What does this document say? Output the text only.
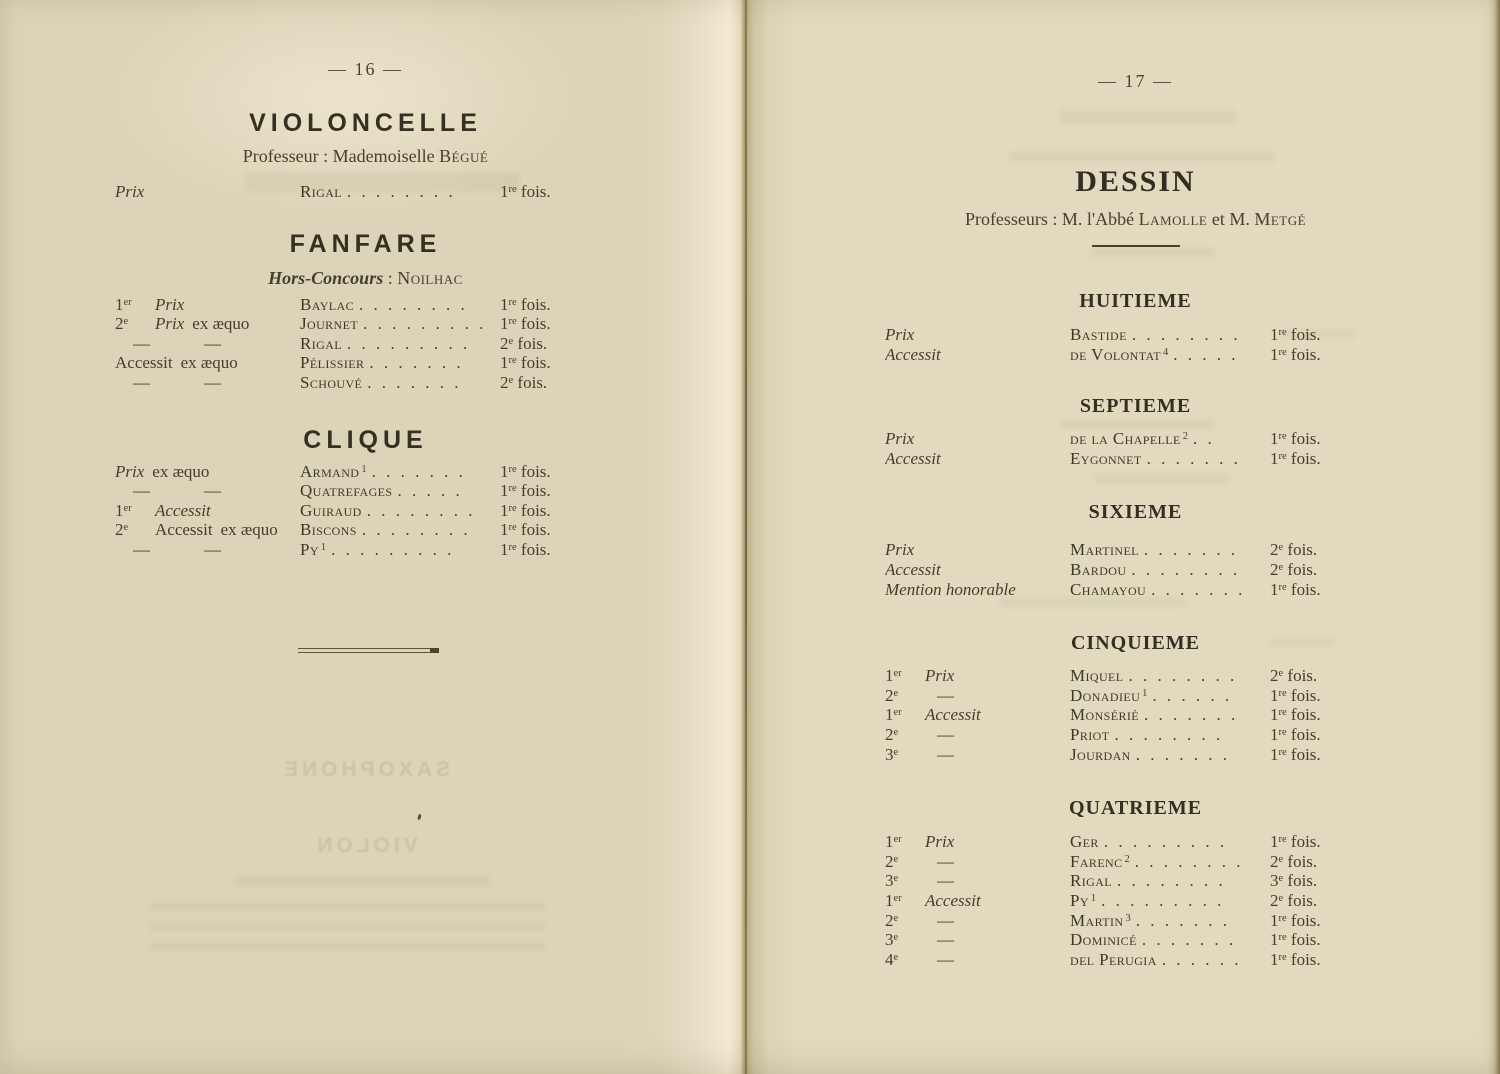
SAXOPHONE
VIOLON
— 16 —
VIOLONCELLE
Professeur : Mademoiselle Bégué
Prix	Rigal . . . . . . . .	1re fois.
FANFARE
Hors-Concours : Noilhac
1er Prix	Baylac . . . . . . . .	1re fois.
2e Prix ex æquo	Journet . . . . . . . . . 1re fois.
—	—	Rigal . . . . . . . . .	2e fois.
Accessit ex æquo	Pélissier . . . . . . .	1re fois.
—	—	Schouvé . . . . . . .	2e fois.
CLIQUE
Prix ex æquo	Armand $^1$ . . . . . . .	1re fois.
—	—	Quatrefages . . . . .	1re fois.
1er Accessit	Guiraud . . . . . . . .	1re fois.
2e Accessit ex æquo	Biscons . . . . . . . .	1re fois.
—	—	Py $^1$ . . . . . . . . .	1re fois.
— 17 —
DESSIN
Professeurs : M. l'Abbé Lamolle et M. Metgé
HUITIEME
Prix	Bastide . . . . . . . .	1re fois.
Accessit	de Volontat $^4$ . . . . .	1re fois.
SEPTIEME
Prix	de la Chapelle $^2$ . .	1re fois.
Accessit	Eygonnet . . . . . . .	1re fois.
SIXIEME
Prix	Martinel . . . . . . .	2e fois.
Accessit	Bardou . . . . . . . .	2e fois.
Mention honorable	Chamayou . . . . . . .	1re fois.
CINQUIEME
1er Prix	Miquel . . . . . . . .	2e fois.
2e —	Donadieu $^1$ . . . . . .	1re fois.
1er Accessit	Monsérié . . . . . . .	1re fois.
2e —	Priot . . . . . . . .	1re fois.
3e —	Jourdan . . . . . . .	1re fois.
QUATRIEME
1er Prix	Ger . . . . . . . . .	1re fois.
2e —	Farenc $^2$ . . . . . . . .	2e fois.
3e —	Rigal . . . . . . . .	3e fois.
1er Accessit	Py $^1$ . . . . . . . . .	2e fois.
2e —	Martin $^3$ . . . . . . .	1re fois.
3e —	Dominicé . . . . . . .	1re fois.
4e —	del Perugia . . . . . .	1re fois.
